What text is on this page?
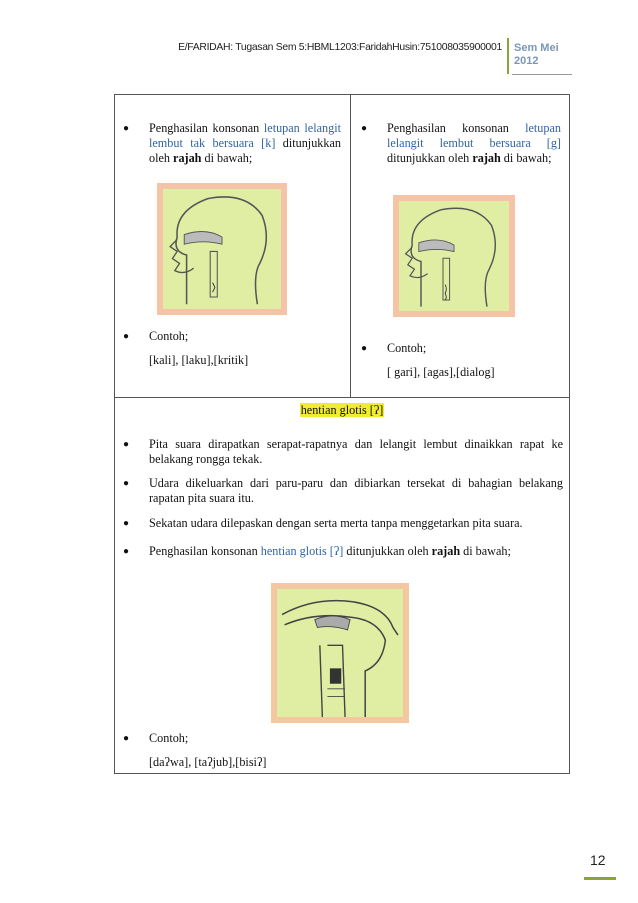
E/FARIDAH: Tugasan Sem 5:HBML1203:FaridahHusin:751008035900001 Sem Mei
2012
●	Penghasilan konsonan letupan lelangit lembut tak bersuara [k] ditunjukkan oleh rajah di bawah;

●	Contoh;

[kali], [laku],[kritik]

●	Penghasilan konsonan letupan lelangit lembut bersuara [g] ditunjukkan oleh rajah di bawah;

●	Contoh;

[ gari], [agas],[dialog]

hentian glotis [ʔ]
●	Pita suara dirapatkan serapat-rapatnya dan lelangit lembut dinaikkan rapat ke belakang rongga tekak.

●	Udara dikeluarkan dari paru-paru dan dibiarkan tersekat di bahagian belakang rapatan pita suara itu.

●	Sekatan udara dilepaskan dengan serta merta tanpa menggetarkan pita suara.

●	Penghasilan konsonan hentian glotis [ʔ] ditunjukkan oleh rajah di bawah;

●	Contoh;

[daʔwa], [taʔjub],[bisiʔ]

12
